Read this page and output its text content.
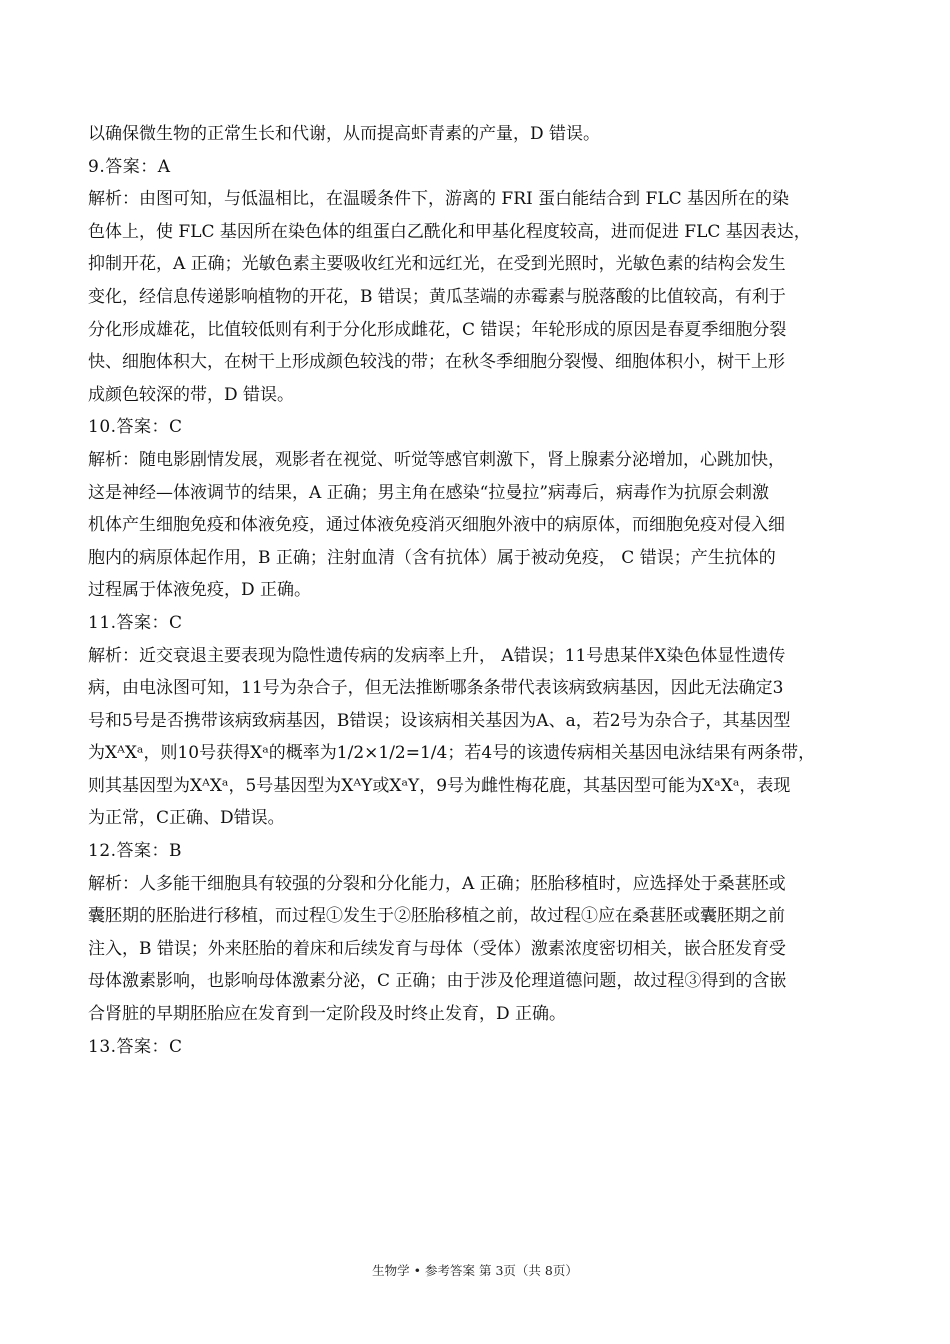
以确保微生物的正常生长和代谢，从而提高虾青素的产量，D 错误。
9.答案：A
解析：由图可知，与低温相比，在温暖条件下，游离的 FRI 蛋白能结合到 FLC 基因所在的染
色体上，使 FLC 基因所在染色体的组蛋白乙酰化和甲基化程度较高，进而促进 FLC 基因表达，
抑制开花，A 正确；光敏色素主要吸收红光和远红光，在受到光照时，光敏色素的结构会发生
变化，经信息传递影响植物的开花，B 错误；黄瓜茎端的赤霉素与脱落酸的比值较高，有利于
分化形成雄花，比值较低则有利于分化形成雌花，C 错误；年轮形成的原因是春夏季细胞分裂
快、细胞体积大，在树干上形成颜色较浅的带；在秋冬季细胞分裂慢、细胞体积小，树干上形
成颜色较深的带，D 错误。
10.答案：C
解析：随电影剧情发展，观影者在视觉、听觉等感官刺激下，肾上腺素分泌增加，心跳加快，
这是神经—体液调节的结果，A 正确；男主角在感染“拉曼拉”病毒后，病毒作为抗原会刺激
机体产生细胞免疫和体液免疫，通过体液免疫消灭细胞外液中的病原体，而细胞免疫对侵入细
胞内的病原体起作用，B 正确；注射血清（含有抗体）属于被动免疫， C 错误；产生抗体的
过程属于体液免疫，D 正确。
11.答案：C
解析：近交衰退主要表现为隐性遗传病的发病率上升， A错误；11号患某伴X染色体显性遗传
病，由电泳图可知，11号为杂合子，但无法推断哪条条带代表该病致病基因，因此无法确定3
号和5号是否携带该病致病基因，B错误；设该病相关基因为A、a，若2号为杂合子，其基因型
为XᴬXᵃ，则10号获得Xᵃ的概率为1/2×1/2=1/4；若4号的该遗传病相关基因电泳结果有两条带，
则其基因型为XᴬXᵃ，5号基因型为XᴬY或XᵃY，9号为雌性梅花鹿，其基因型可能为XᵃXᵃ，表现
为正常，C正确、D错误。
12.答案：B
解析：人多能干细胞具有较强的分裂和分化能力，A 正确；胚胎移植时，应选择处于桑葚胚或
囊胚期的胚胎进行移植，而过程①发生于②胚胎移植之前，故过程①应在桑葚胚或囊胚期之前
注入，B 错误；外来胚胎的着床和后续发育与母体（受体）激素浓度密切相关，嵌合胚发育受
母体激素影响，也影响母体激素分泌，C 正确；由于涉及伦理道德问题，故过程③得到的含嵌
合肾脏的早期胚胎应在发育到一定阶段及时终止发育，D 正确。
13.答案：C
生物学 • 参考答案 第 3页（共 8页）
